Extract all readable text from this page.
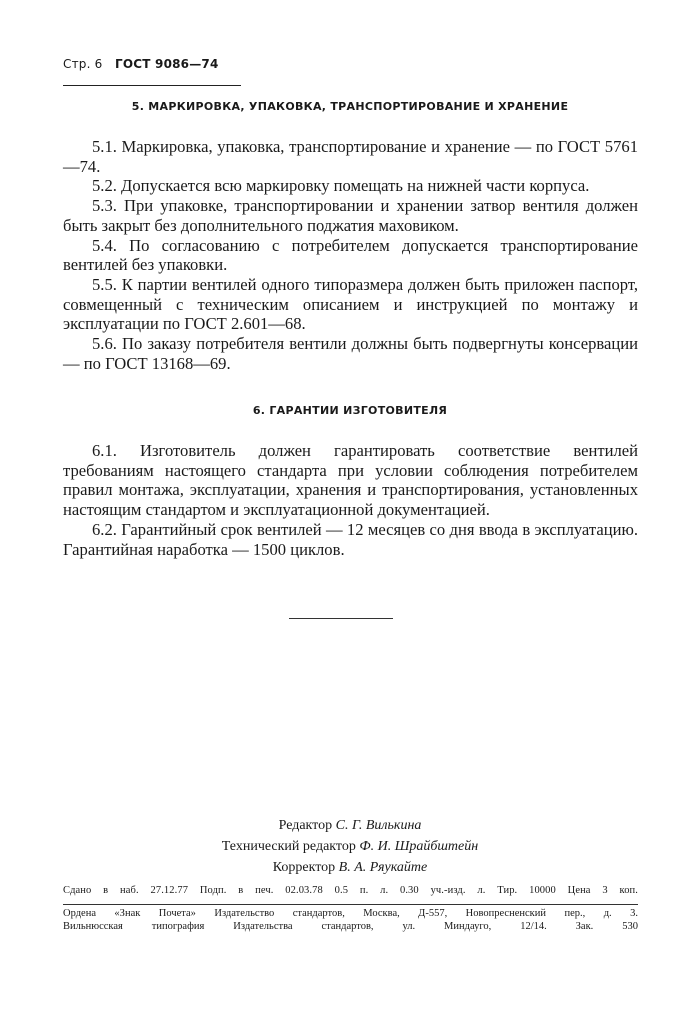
Стр. 6 ГОСТ 9086—74
5. МАРКИРОВКА, УПАКОВКА, ТРАНСПОРТИРОВАНИЕ И ХРАНЕНИЕ

5.1. Маркировка, упаковка, транспортирование и хранение — по ГОСТ 5761—74.

5.2. Допускается всю маркировку помещать на нижней части корпуса.

5.3. При упаковке, транспортировании и хранении затвор вентиля должен быть закрыт без дополнительного поджатия маховиком.

5.4. По согласованию с потребителем допускается транспортирование вентилей без упаковки.

5.5. К партии вентилей одного типоразмера должен быть приложен паспорт, совмещенный с техническим описанием и инструкцией по монтажу и эксплуатации по ГОСТ 2.601—68.

5.6. По заказу потребителя вентили должны быть подвергнуты консервации — по ГОСТ 13168—69.

6. ГАРАНТИИ ИЗГОТОВИТЕЛЯ

6.1. Изготовитель должен гарантировать соответствие вентилей требованиям настоящего стандарта при условии соблюдения потребителем правил монтажа, эксплуатации, хранения и транспортирования, установленных настоящим стандартом и эксплуатационной документацией.

6.2. Гарантийный срок вентилей — 12 месяцев со дня ввода в эксплуатацию. Гарантийная наработка — 1500 циклов.

Редактор С. Г. Вилькина
Технический редактор Ф. И. Шрайбштейн
Корректор В. А. Ряукайте
Сдано в наб. 27.12.77 Подп. в печ. 02.03.78 0.5 п. л. 0.30 уч.-изд. л. Тир. 10000 Цена 3 коп.
Ордена «Знак Почета» Издательство стандартов, Москва, Д-557, Новопресненский пер., д. 3.
Вильнюсская типография Издательства стандартов, ул. Миндауго, 12/14. Зак. 530
